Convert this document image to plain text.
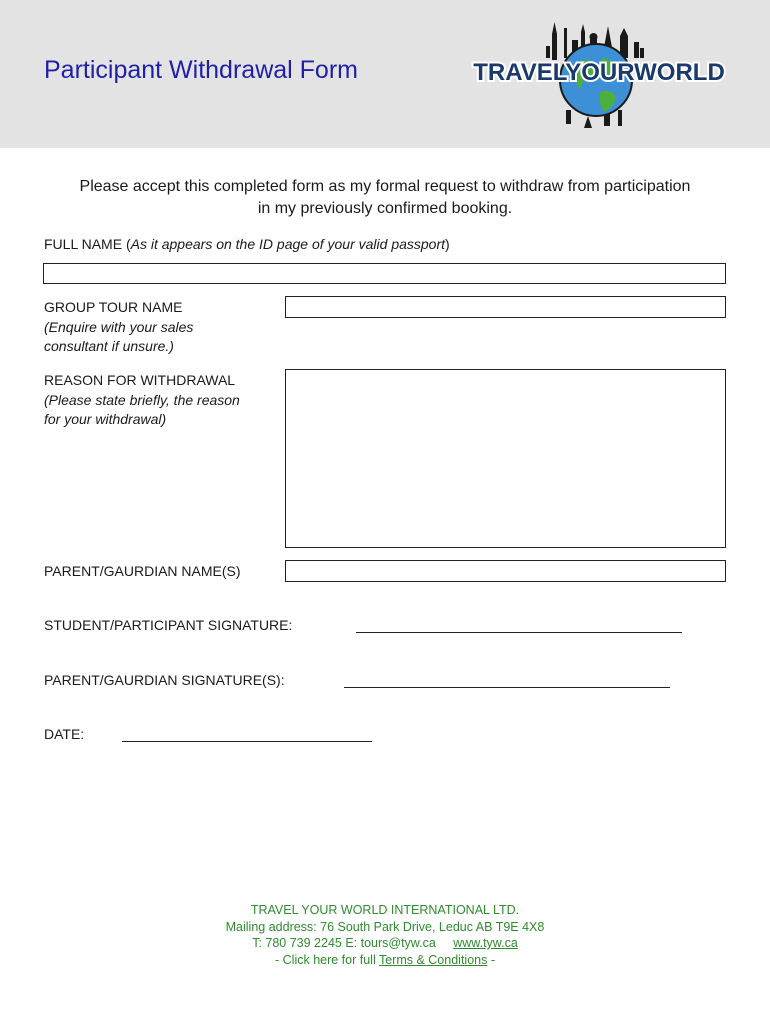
Participant Withdrawal Form	TRAVELYOURWORLD
Please accept this completed form as my formal request to withdraw from participation
in my previously confirmed booking.
FULL NAME (As it appears on the ID page of your valid passport)
GROUP TOUR NAME
(Enquire with your sales
consultant if unsure.)
REASON FOR WITHDRAWAL
(Please state briefly, the reason
for your withdrawal)
PARENT/GAURDIAN NAME(S)
STUDENT/PARTICIPANT SIGNATURE:
PARENT/GAURDIAN SIGNATURE(S):
DATE:
TRAVEL YOUR WORLD INTERNATIONAL LTD.
Mailing address: 76 South Park Drive, Leduc AB T9E 4X8
T: 780 739 2245 E: tours@tyw.ca www.tyw.ca
- Click here for full Terms & Conditions -
